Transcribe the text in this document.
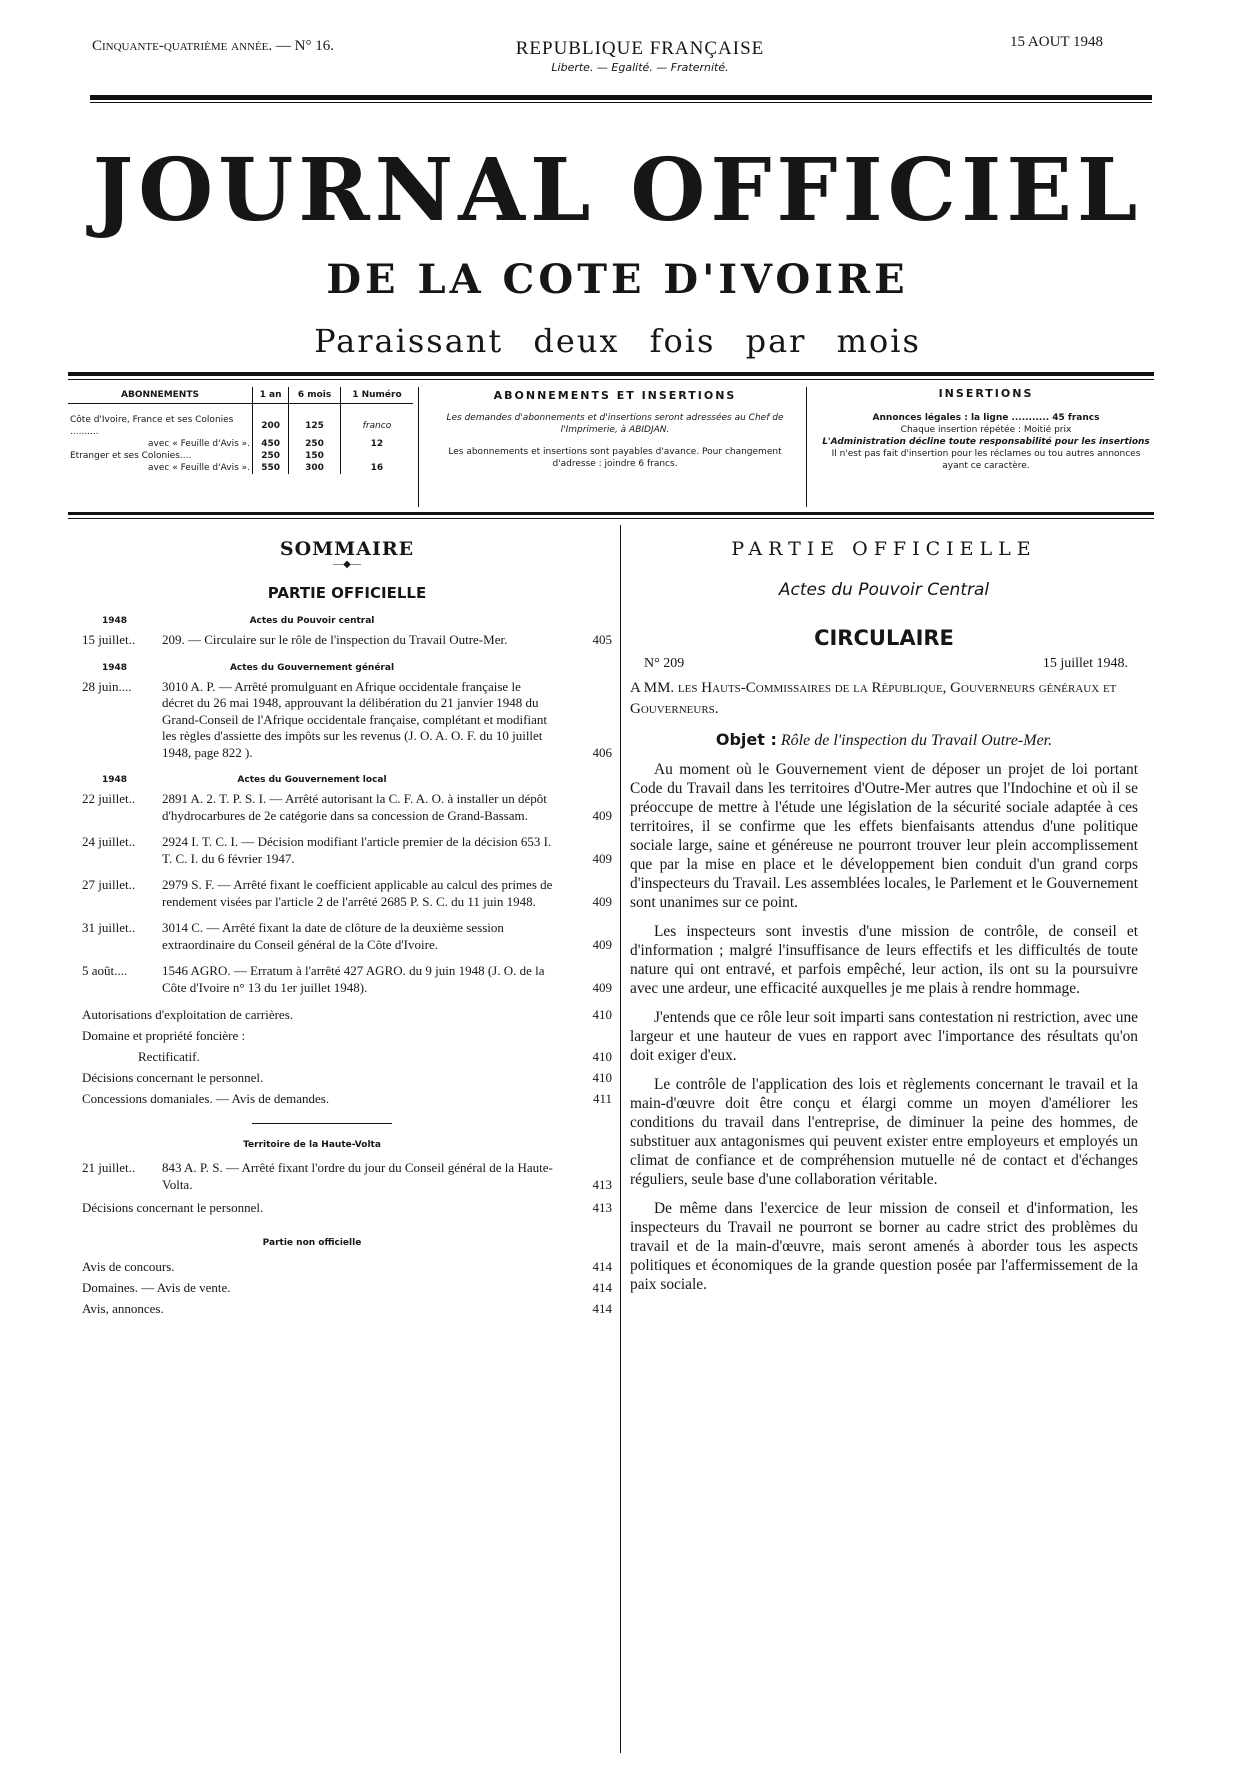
Cinquante-quatrième année. — N° 16.	REPUBLIQUE FRANÇAISE
Liberte. — Egalité. — Fraternité.
15 AOUT 1948
JOURNAL OFFICIEL
DE LA COTE D'IVOIRE
Paraissant deux fois par mois
ABONNEMENTS	1 an	6 mois	1 Numéro
Côte d'Ivoire, France et ses Colonies ..........	200	125	franco
avec « Feuille d'Avis ».	450	250	12
Etranger et ses Colonies....	250	150	
avec « Feuille d'Avis ».	550	300	16
ABONNEMENTS ET INSERTIONS
Les demandes d'abonnements et d'insertions seront adressées au Chef de l'Imprimerie, à ABIDJAN.
Les abonnements et insertions sont payables d'avance. Pour changement d'adresse : joindre 6 francs.
INSERTIONS
Annonces légales : la ligne ........... 45 francs
Chaque insertion répétée : Moitié prix
L'Administration décline toute responsabilité pour les insertions
Il n'est pas fait d'insertion pour les réclames ou tou autres annonces ayant ce caractère.
SOMMAIRE
—◆—
PARTIE OFFICIELLE
1948	Actes du Pouvoir central
15 juillet..	209. — Circulaire sur le rôle de l'inspection du Travail Outre-Mer.	405
1948	Actes du Gouvernement général
28 juin....	3010 A. P. — Arrêté promulguant en Afrique occidentale française le décret du 26 mai 1948, approuvant la délibération du 21 janvier 1948 du Grand-Conseil de l'Afrique occidentale française, complétant et modifiant les règles d'assiette des impôts sur les revenus (J. O. A. O. F. du 10 juillet 1948, page 822 ).	406
1948	Actes du Gouvernement local
22 juillet..	2891 A. 2. T. P. S. I. — Arrêté autorisant la C. F. A. O. à installer un dépôt d'hydrocarbures de 2e catégorie dans sa concession de Grand-Bassam.	409
24 juillet..	2924 I. T. C. I. — Décision modifiant l'article premier de la décision 653 I. T. C. I. du 6 février 1947.	409
27 juillet..	2979 S. F. — Arrêté fixant le coefficient applicable au calcul des primes de rendement visées par l'article 2 de l'arrêté 2685 P. S. C. du 11 juin 1948.	409
31 juillet..	3014 C. — Arrêté fixant la date de clôture de la deuxième session extraordinaire du Conseil général de la Côte d'Ivoire.	409
5 août....	1546 AGRO. — Erratum à l'arrêté 427 AGRO. du 9 juin 1948 (J. O. de la Côte d'Ivoire n° 13 du 1er juillet 1948).	409
Autorisations d'exploitation de carrières.	410
Domaine et propriété foncière :
Rectificatif.	410
Décisions concernant le personnel.	410
Concessions domaniales. — Avis de demandes.	411
Territoire de la Haute-Volta
21 juillet..	843 A. P. S. — Arrêté fixant l'ordre du jour du Conseil général de la Haute-Volta.	413
Décisions concernant le personnel.	413
Partie non officielle
Avis de concours.	414
Domaines. — Avis de vente.	414
Avis, annonces.	414
PARTIE OFFICIELLE
Actes du Pouvoir Central
CIRCULAIRE
N° 209	15 juillet 1948.
A MM. les Hauts-Commissaires de la République, Gouverneurs généraux et Gouverneurs.
Objet : Rôle de l'inspection du Travail Outre-Mer.

Au moment où le Gouvernement vient de déposer un projet de loi portant Code du Travail dans les territoires d'Outre-Mer autres que l'Indochine et où il se préoccupe de mettre à l'étude une législation de la sécurité sociale adaptée à ces territoires, il se confirme que les effets bienfaisants attendus d'une politique sociale large, saine et généreuse ne pourront trouver leur plein accomplissement que par la mise en place et le développement bien conduit d'un grand corps d'inspecteurs du Travail. Les assemblées locales, le Parlement et le Gouvernement sont unanimes sur ce point.

Les inspecteurs sont investis d'une mission de contrôle, de conseil et d'information ; malgré l'insuffisance de leurs effectifs et les difficultés de toute nature qui ont entravé, et parfois empêché, leur action, ils ont su la poursuivre avec une ardeur, une efficacité auxquelles je me plais à rendre hommage.

J'entends que ce rôle leur soit imparti sans contestation ni restriction, avec une largeur et une hauteur de vues en rapport avec l'importance des résultats qu'on doit exiger d'eux.

Le contrôle de l'application des lois et règlements concernant le travail et la main-d'œuvre doit être conçu et élargi comme un moyen d'améliorer les conditions du travail dans l'entreprise, de diminuer la peine des hommes, de substituer aux antagonismes qui peuvent exister entre employeurs et employés un climat de confiance et de compréhension mutuelle né de contact et d'échanges réguliers, seule base d'une collaboration véritable.

De même dans l'exercice de leur mission de conseil et d'information, les inspecteurs du Travail ne pourront se borner au cadre strict des problèmes du travail et de la main-d'œuvre, mais seront amenés à aborder tous les aspects politiques et économiques de la grande question posée par l'affermissement de la paix sociale.
